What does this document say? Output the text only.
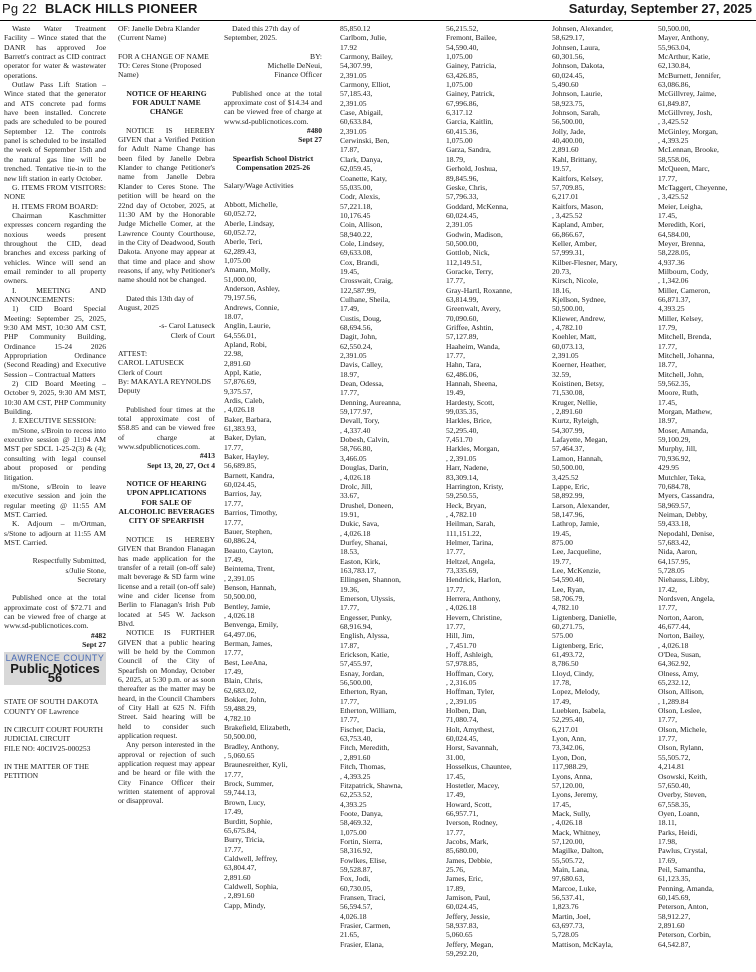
Pg 22 BLACK HILLS PIONEER	Saturday, September 27, 2025

Waste Water Treatment Facility – Wince stated that the DANR has approved Joe Barrett's contract as CID contract operator for water & wastewater operations.

Outlaw Pass Lift Station – Wince stated that the generator and ATS concrete pad forms have been installed. Concrete pads are scheduled to be poured September 12. The controls panel is scheduled to be installed the week of September 15th and the natural gas line will be trenched. Tentative tie-in to the new lift station in early October.

G. ITEMS FROM VISITORS: NONE

H. ITEMS FROM BOARD:

Chairman Kaschmitter expresses concern regarding the noxious weeds present throughout the CID, dead branches and excess parking of vehicles. Wince will send an email reminder to all property owners.

I. MEETING AND ANNOUNCEMENTS:

1) CID Board Special Meeting: September 25, 2025, 9:30 AM MST, 10:30 AM CST, PHP Community Building, Ordinance 15-24 2026 Appropriation Ordinance (Second Reading) and Executive Session – Contractual Matters

2) CID Board Meeting – October 9, 2025, 9:30 AM MST, 10:30 AM CST, PHP Community Building.

J. EXECUTIVE SESSION:

m/Stone, s/Broin to recess into executive session @ 11:04 AM MST per SDCL 1-25-2(3) & (4); consulting with legal counsel about proposed or pending litigation.

m/Stone, s/Broin to leave executive session and join the regular meeting @ 11:55 AM MST. Carried.

K. Adjourn – m/Ortman, s/Stone to adjourn at 11:55 AM MST. Carried.

Respectfully Submitted,

s/Julie Stone,

Secretary

Published once at the total approximate cost of $72.71 and can be viewed free of charge at www.sd-publicnotices.com.

#482

Sept 27

LAWRENCE COUNTY
Public Notices 56

STATE OF SOUTH DAKOTA

COUNTY OF Lawrence

IN CIRCUIT COURT FOURTH JUDICIAL CIRCUIT

FILE NO: 40CIV25-000253

IN THE MATTER OF THE PETITION

OF: Janelle Debra Klander (Current Name)

FOR A CHANGE OF NAME TO: Ceres Stone (Proposed Name)

NOTICE OF HEARING FOR ADULT NAME CHANGE

NOTICE IS HEREBY GIVEN that a Verified Petition for Adult Name Change has been filed by Janelle Debra Klander to change Petitioner's name from Janelle Debra Klander to Ceres Stone. The petition will be heard on the 22nd day of October, 2025, at 11:30 AM by the Honorable Judge Michelle Comer, at the Lawrence County Courthouse, in the City of Deadwood, South Dakota. Anyone may appear at that time and place and show reasons, if any, why Petitioner's name should not be changed.

Dated this 13th day of August, 2025

-s- Carol Latuseck

Clerk of Court

ATTEST:

CAROL LATUSECK

Clerk of Court

By: MAKAYLA REYNOLDS

Deputy

Published four times at the total approximate cost of $58.85 and can be viewed free of charge at www.sdpublicnotices.com.

#413

Sept 13, 20, 27, Oct 4

NOTICE OF HEARING UPON APPLICATIONS FOR SALE OF ALCOHOLIC BEVERAGES CITY OF SPEARFISH

NOTICE IS HEREBY GIVEN that Brandon Flanagan has made application for the transfer of a retail (on-off sale) malt beverage & SD farm wine license and a retail (on-off sale) wine and cider license from Berlin to Flanagan's Irish Pub located at 545 W. Jackson Blvd.

NOTICE IS FURTHER GIVEN that a public hearing will be held by the Common Council of the City of Spearfish on Monday, October 6, 2025, at 5:30 p.m. or as soon thereafter as the matter may be heard, in the Council Chambers of City Hall at 625 N. Fifth Street. Said hearing will be held to consider such application request.

Any person interested in the approval or rejection of such application request may appear and be heard or file with the City Finance Officer their written statement of approval or disapproval.

Dated this 27th day of September, 2025.

BY:

Michelle DeNeui,

Finance Officer

Published once at the total approximate cost of $14.34 and can be viewed free of charge at www.sd-publicnotices.com.

#480

Sept 27

Spearfish School District Compensation 2025-26

Salary/Wage Activities

Abbott, Michelle,
60,052.72,
Aberle, Lindsay,
60,052.72,
Aberle, Teri,
62,289.43,
1,075.00
Amann, Molly,
51,000.00,
Anderson, Ashley,
79,197.56,
Andrews, Connie,
18.07,
Anglin, Laurie,
64,556.01,
Apland, Robi,
22.98,
2,891.60
Appl, Katie,
57,876.69,
9,375.57,
Ardis, Caleb,
, 4,026.18
Baker, Barbara,
61,383.93,
Baker, Dylan,
17.77,
Baker, Hayley,
56,689.85,
Barnett, Kandra,
60,024.45,
Barrios, Jay,
17.77,
Barrios, Timothy,
17.77,
Bauer, Stephen,
60,886.24,
Beauto, Cayton,
17.49,
Beintema, Trent,
, 2,391.05
Benson, Hannah,
50,500.00,
Bentley, Jamie,
, 4,026.18
Benvenga, Emily,
64,497.06,
Berman, James,
17.77,
Best, LeeAna,
17.49,
Blain, Chris,
62,683.02,
Bokker, John,
59,488.29,
4,782.10
Brakefield, Elizabeth,
50,500.00,
Bradley, Anthony,
, 5,060.65
Braunesreither, Kyli,
17.77,
Brock, Summer,
59,744.13,
Brown, Lucy,
17.49,
Burditt, Sophie,
65,675.84,
Burry, Tricia,
17.77,
Caldwell, Jeffrey,
63,804.47,
2,891.60
Caldwell, Sophia,
, 2,891.60
Capp, Mindy,
85,850.12
Carlbom, Julie,
17.92
Carmony, Bailey,
54,307.99,
2,391.05
Carmony, Elliot,
57,185.43,
2,391.05
Case, Abigail,
60,633.84,
2,391.05
Cerwinski, Ben,
17.87,
Clark, Danya,
62,059.45,
Coanette, Katy,
55,035.00,
Codr, Alexis,
57,221.18,
10,176.45
Coin, Allison,
58,940.22,
Cole, Lindsey,
69,633.08,
Cox, Brandi,
19.45,
Crosswait, Craig,
122,587.99,
Culhane, Sheila,
17.49,
Custis, Doug,
68,694.56,
Dagit, John,
62,550.24,
2,391.05
Davis, Calley,
18.97,
Dean, Odessa,
17.77,
Denning, Aureanna,
59,177.97,
Devall, Tory,
, 4,337.40
Dobesh, Calvin,
58,766.80,
3,466.05
Douglas, Darin,
, 4,026.18
Drolc, Jill,
33.67,
Drushel, Doneen,
19.91,
Dukic, Sava,
, 4,026.18
Durfey, Shanai,
18.53,
Easton, Kirk,
163,783.17,
Ellingsen, Shannon,
19.36,
Emerson, Ulyssis,
17.77,
Engesser, Punky,
68,916.94,
English, Alyssa,
17.87,
Erickson, Katie,
57,455.97,
Esnay, Jordan,
56,500.00,
Etherton, Ryan,
17.77,
Etherton, William,
17.77,
Fischer, Dacia,
63,753.40,
Fitch, Meredith,
, 2,891.60
Fitch, Thomas,
, 4,393.25
Fitzpatrick, Shawna,
62,253.52,
4,393.25
Foote, Danya,
58,469.32,
1,075.00
Fortin, Sierra,
58,316.92,
Fowlkes, Elise,
59,528.87,
Fox, Jodi,
60,730.05,
Fransen, Traci,
56,594.57,
4,026.18
Frasier, Carmen,
21.65,
Frasier, Elana,
56,215.52,
Fremont, Bailee,
54,590.40,
1,075.00
Gainey, Patricia,
63,426.85,
1,075.00
Gainey, Patrick,
67,996.86,
6,317.12
Garcia, Kaitlin,
60,415.36,
1,075.00
Garza, Sandra,
18.79,
Gerhold, Joshua,
89,845.96,
Geske, Chris,
57,796.33,
Goddard, McKenna,
60,024.45,
2,391.05
Godwin, Madison,
50,500.00,
Gottlob, Nick,
112,149.51,
Goracke, Terry,
17.77,
Gray-Hartl, Roxanne,
63,814.99,
Greenwalt, Avery,
70,090.60,
Griffee, Ashtin,
57,127.89,
Haaheim, Wanda,
17.77,
Hahn, Tara,
62,486.06,
Hannah, Sheena,
19.49,
Hardesty, Scott,
99,035.35,
Harkles, Brice,
52,295.40,
7,451.70
Harkles, Morgan,
, 2,391.05
Harr, Nadene,
83,309.14,
Harrington, Kristy,
59,250.55,
Heck, Bryan,
, 4,782.10
Heilman, Sarah,
111,151.22,
Helmer, Tarina,
17.77,
Heltzel, Angela,
73,335.69,
Hendrick, Harlon,
17.77,
Herrera, Anthony,
, 4,026.18
Hevern, Christine,
17.77,
Hill, Jim,
, 7,451.70
Hoff, Ashleigh,
57,978.85,
Hoffman, Cory,
, 2,316.05
Hoffman, Tyler,
, 2,391.05
Holben, Dan,
71,080.74,
Holt, Amythest,
60,024.45,
Horst, Savannah,
31.00,
Hosselkus, Chauntee,
17.45,
Hostetler, Macey,
17.49,
Howard, Scott,
66,957.71,
Iverson, Rodney,
17.77,
Jacobs, Mark,
85,680.00,
James, Debbie,
25.76,
James, Eric,
17.89,
Jamison, Paul,
60,024.45,
Jeffery, Jessie,
58,937.83,
5,060.65
Jeffery, Megan,
59,292.20,
Johnsen, Alexander,
58,629.17,
Johnsen, Laura,
60,301.56,
Johnson, Dakota,
60,024.45,
5,490.60
Johnson, Laurie,
58,923.75,
Johnson, Sarah,
56,500.00,
Jolly, Jade,
40,400.00,
2,891.60
Kahl, Brittany,
19.57,
Kaitfors, Kelsey,
57,709.85,
6,217.01
Kaitfors, Mason,
, 3,425.52
Kapland, Amber,
66,866.67,
Keller, Amber,
57,999.31,
Kilber-Flesner, Mary,
20.73,
Kirsch, Nicole,
18.16,
Kjellson, Sydnee,
50,500.00,
Kliewer, Andrew,
, 4,782.10
Koehler, Matt,
60,073.13,
2,391.05
Koerner, Heather,
32.59,
Koistinen, Betsy,
71,530.08,
Kruger, Nellie,
, 2,891.60
Kurtz, Ryleigh,
54,307.99,
Lafayette, Megan,
57,464.37,
Lamon, Hannah,
50,500.00,
3,425.52
Lappe, Eric,
58,892.99,
Larson, Alexander,
58,147.96,
Lathrop, Jamie,
19.45,
875.00
Lee, Jacqueline,
19.77,
Lee, McKenzie,
54,590.40,
Lee, Ryan,
58,706.79,
4,782.10
Ligtenberg, Danielle,
60,271.75,
575.00
Ligtenberg, Eric,
61,493.72,
8,786.50
Lloyd, Cindy,
17.78,
Lopez, Melody,
17.49,
Luebken, Isabela,
52,295.40,
6,217.01
Lyon, Ann,
73,342.06,
Lyon, Don,
117,988.29,
Lyons, Anna,
57,120.00,
Lyons, Jeremy,
17.45,
Mack, Sully,
, 4,026.18
Mack, Whitney,
57,120.00,
Magilke, Dalton,
55,505.72,
Main, Lana,
97,680.63,
Marcoe, Luke,
56,537.41,
1,823.76
Martin, Joel,
63,697.73,
5,728.05
Mattison, McKayla,
50,500.00,
Mayer, Anthony,
55,963.04,
McArthur, Katie,
62,130.84,
McBurnett, Jennifer,
63,086.86,
McGillvrey, Jaime,
61,849.87,
McGillvrey, Josh,
, 3,425.52
McGinley, Morgan,
, 4,393.25
McLennan, Brooke,
58,558.06,
McQueen, Marc,
17.77,
McTaggert, Cheyenne,
, 3,425.52
Meier, Leigha,
17.45,
Meredith, Kori,
64,584.00,
Meyer, Brenna,
58,228.05,
4,937.36
Milbourn, Cody,
, 1,342.06
Miller, Cameron,
66,871.37,
4,393.25
Miller, Kelsey,
17.79,
Mitchell, Brenda,
17.77,
Mitchell, Johanna,
18.77,
Mitchell, John,
59,562.35,
Moore, Ruth,
17.45,
Morgan, Mathew,
18.97,
Moser, Amanda,
59,100.29,
Murphy, Jill,
70,936.92,
429.95
Mutchler, Teka,
70,684.78,
Myers, Cassandra,
58,969.57,
Neiman, Debby,
59,433.18,
Nepodahl, Denise,
57,683.42,
Nida, Aaron,
64,157.95,
5,728.05
Niehauss, Libby,
17.42,
Nordsven, Angela,
17.77,
Norton, Aaron,
46,677.44,
Norton, Bailey,
, 4,026.18
O'Dea, Susan,
64,362.92,
Olness, Amy,
65,232.12,
Olson, Allison,
, 1,289.84
Olson, Leslee,
17.77,
Olson, Michele,
17.77,
Olson, Rylann,
55,505.72,
4,214.81
Osowski, Keith,
57,650.40,
Overby, Steven,
67,558.35,
Oyen, Loann,
18.11,
Parks, Heidi,
17.98,
Pawlus, Crystal,
17.69,
Peil, Samantha,
61,123.35,
Penning, Amanda,
60,145.69,
Peterson, Anton,
58,912.27,
2,891.60
Peterson, Corbin,
64,542.87,
